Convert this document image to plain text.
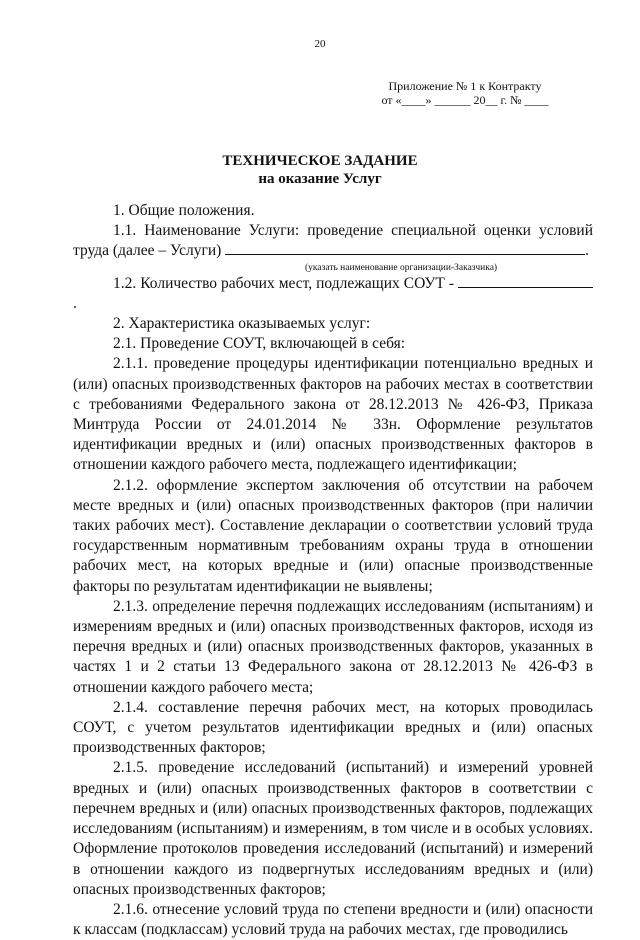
20
Приложение № 1 к Контракту
от «____» ______ 20__ г. № ____
ТЕХНИЧЕСКОЕ ЗАДАНИЕ
на оказание Услуг

1. Общие положения.

1.1. Наименование Услуги: проведение специальной оценки условий

труда (далее – Услуги)	.

(указать наименование организации-Заказчика)

1.2. Количество рабочих мест, подлежащих СОУТ - .

2. Характеристика оказываемых услуг:

2.1. Проведение СОУТ, включающей в себя:

2.1.1. проведение процедуры идентификации потенциально вредных и (или) опасных производственных факторов на рабочих местах в соответствии с требованиями Федерального закона от 28.12.2013 № 426-ФЗ, Приказа Минтруда России от 24.01.2014 № 33н. Оформление результатов идентификации вредных и (или) опасных производственных факторов в отношении каждого рабочего места, подлежащего идентификации;

2.1.2. оформление экспертом заключения об отсутствии на рабочем месте вредных и (или) опасных производственных факторов (при наличии таких рабочих мест). Составление декларации о соответствии условий труда государственным нормативным требованиям охраны труда в отношении рабочих мест, на которых вредные и (или) опасные производственные факторы по результатам идентификации не выявлены;

2.1.3. определение перечня подлежащих исследованиям (испытаниям) и измерениям вредных и (или) опасных производственных факторов, исходя из перечня вредных и (или) опасных производственных факторов, указанных в частях 1 и 2 статьи 13 Федерального закона от 28.12.2013 № 426-ФЗ в отношении каждого рабочего места;

2.1.4. составление перечня рабочих мест, на которых проводилась СОУТ, с учетом результатов идентификации вредных и (или) опасных производственных факторов;

2.1.5. проведение исследований (испытаний) и измерений уровней вредных и (или) опасных производственных факторов в соответствии с перечнем вредных и (или) опасных производственных факторов, подлежащих исследованиям (испытаниям) и измерениям, в том числе и в особых условиях. Оформление протоколов проведения исследований (испытаний) и измерений в отношении каждого из подвергнутых исследованиям вредных и (или) опасных производственных факторов;

2.1.6. отнесение условий труда по степени вредности и (или) опасности к классам (подклассам) условий труда на рабочих местах, где проводились
